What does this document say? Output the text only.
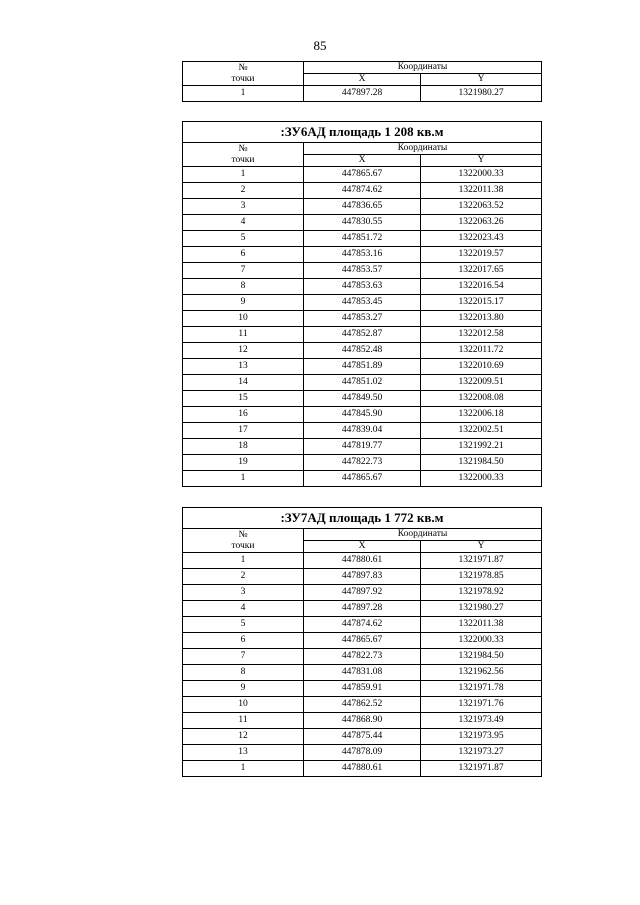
85
№
точки	Координаты	
	X	Y
1	447897.28	1321980.27
:ЗУ6АД площадь 1 208 кв.м		
№
точки	Координаты	
	X	Y
1	447865.67	1322000.33
2	447874.62	1322011.38
3	447836.65	1322063.52
4	447830.55	1322063.26
5	447851.72	1322023.43
6	447853.16	1322019.57
7	447853.57	1322017.65
8	447853.63	1322016.54
9	447853.45	1322015.17
10	447853.27	1322013.80
11	447852.87	1322012.58
12	447852.48	1322011.72
13	447851.89	1322010.69
14	447851.02	1322009.51
15	447849.50	1322008.08
16	447845.90	1322006.18
17	447839.04	1322002.51
18	447819.77	1321992.21
19	447822.73	1321984.50
1	447865.67	1322000.33
:ЗУ7АД площадь 1 772 кв.м		
№
точки	Координаты	
	X	Y
1	447880.61	1321971.87
2	447897.83	1321978.85
3	447897.92	1321978.92
4	447897.28	1321980.27
5	447874.62	1322011.38
6	447865.67	1322000.33
7	447822.73	1321984.50
8	447831.08	1321962.56
9	447859.91	1321971.78
10	447862.52	1321971.76
11	447868.90	1321973.49
12	447875.44	1321973.95
13	447878.09	1321973.27
1	447880.61	1321971.87
